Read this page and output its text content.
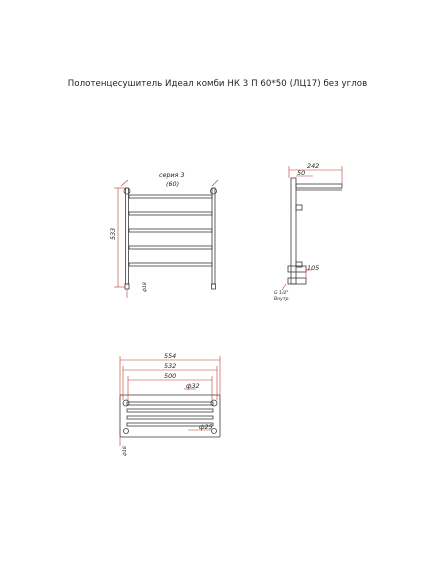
Полотенцесушитель Идеал комби НК 3 П 60*50 (ЛЦ17) без углов
серия 3
(60)
533
ф18
242
50
105
G 1/2"
Внутр.
554
532
500
ф32
ф25
ф18
